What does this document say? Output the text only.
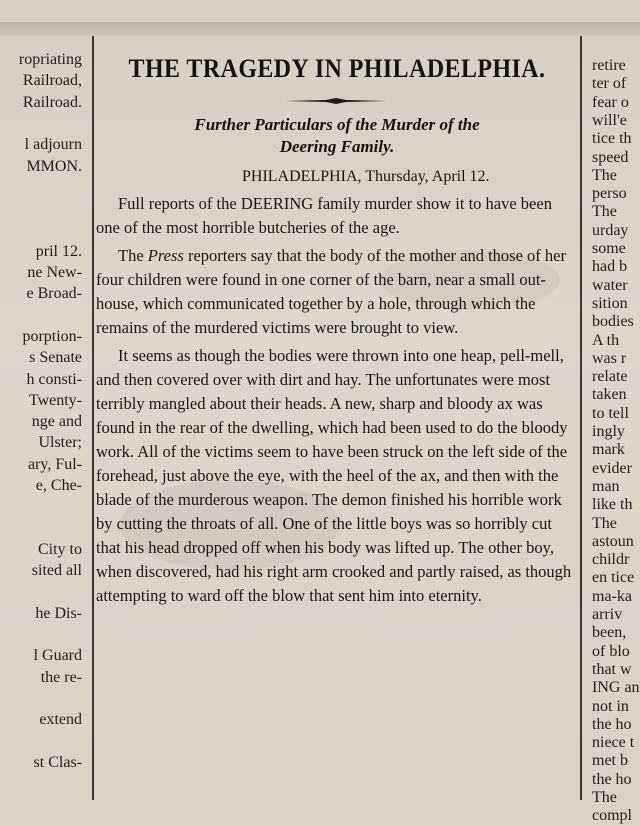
ropriating
Railroad,
Railroad.
l adjourn
MMON.
pril 12.
ne New-
e Broad-
porption-
s Senate
h consti-
Twenty-
nge and
Ulster;
ary, Ful-
e, Che-
City to
sited all
he Dis-
l Guard
the re-
extend
st Clas-
THE TRAGEDY IN PHILADELPHIA.
Further Particulars of the Murder of the
Deering Family.
PHILADELPHIA, Thursday, April 12.

Full reports of the DEERING family murder show it to have been one of the most horrible butcheries of the age.

The Press reporters say that the body of the mother and those of her four children were found in one corner of the barn, near a small out-house, which communicated together by a hole, through which the remains of the murdered victims were brought to view.

It seems as though the bodies were thrown into one heap, pell-mell, and then covered over with dirt and hay. The unfortunates were most terribly mangled about their heads. A new, sharp and bloody ax was found in the rear of the dwelling, which had been used to do the bloody work. All of the victims seem to have been struck on the left side of the forehead, just above the eye, with the heel of the ax, and then with the blade of the murderous weapon. The demon finished his horrible work by cutting the throats of all. One of the little boys was so horribly cut that his head dropped off when his body was lifted up. The other boy, when discovered, had his right arm crooked and partly raised, as though attempting to ward off the blow that sent him into eternity.

retire
ter of
fear o
will'e
tice th
speed
The
perso
The
urday
some
had b
water
sition
bodies
A th
was r
relate
taken
to tell
ingly
mark
evider
man
like th
The
astoun
childr
en tice
ma-ka
arriv
been,
of blo
that w
ING an
not in
the ho
niece t
met b
the ho
The
compl
